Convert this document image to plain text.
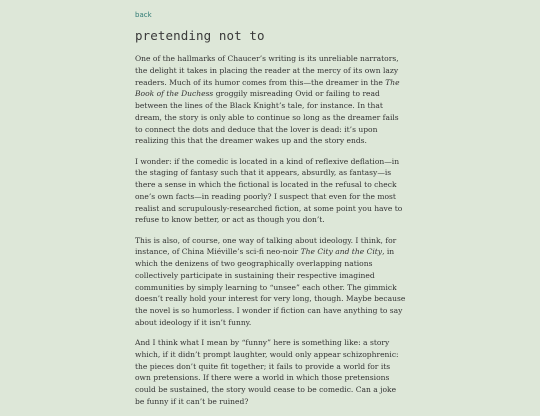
back
pretending not to

One of the hallmarks of Chaucer’s writing is its unreliable narrators, the delight it takes in placing the reader at the mercy of its own lazy readers. Much of its humor comes from this—the dreamer in the The Book of the Duchess groggily misreading Ovid or failing to read between the lines of the Black Knight’s tale, for instance. In that dream, the story is only able to continue so long as the dreamer fails to connect the dots and deduce that the lover is dead: it’s upon realizing this that the dreamer wakes up and the story ends.

I wonder: if the comedic is located in a kind of reflexive deflation—in the staging of fantasy such that it appears, absurdly, as fantasy—is there a sense in which the fictional is located in the refusal to check one’s own facts—in reading poorly? I suspect that even for the most realist and scrupulously-researched fiction, at some point you have to refuse to know better, or act as though you don’t.

This is also, of course, one way of talking about ideology. I think, for instance, of China Miéville’s sci-fi neo-noir The City and the City, in which the denizens of two geographically overlapping nations collectively participate in sustaining their respective imagined communities by simply learning to “unsee” each other. The gimmick doesn’t really hold your interest for very long, though. Maybe because the novel is so humorless. I wonder if fiction can have anything to say about ideology if it isn’t funny.

And I think what I mean by “funny” here is something like: a story which, if it didn’t prompt laughter, would only appear schizophrenic: the pieces don’t quite fit together; it fails to provide a world for its own pretensions. If there were a world in which those pretensions could be sustained, the story would cease to be comedic. Can a joke be funny if it can’t be ruined?
